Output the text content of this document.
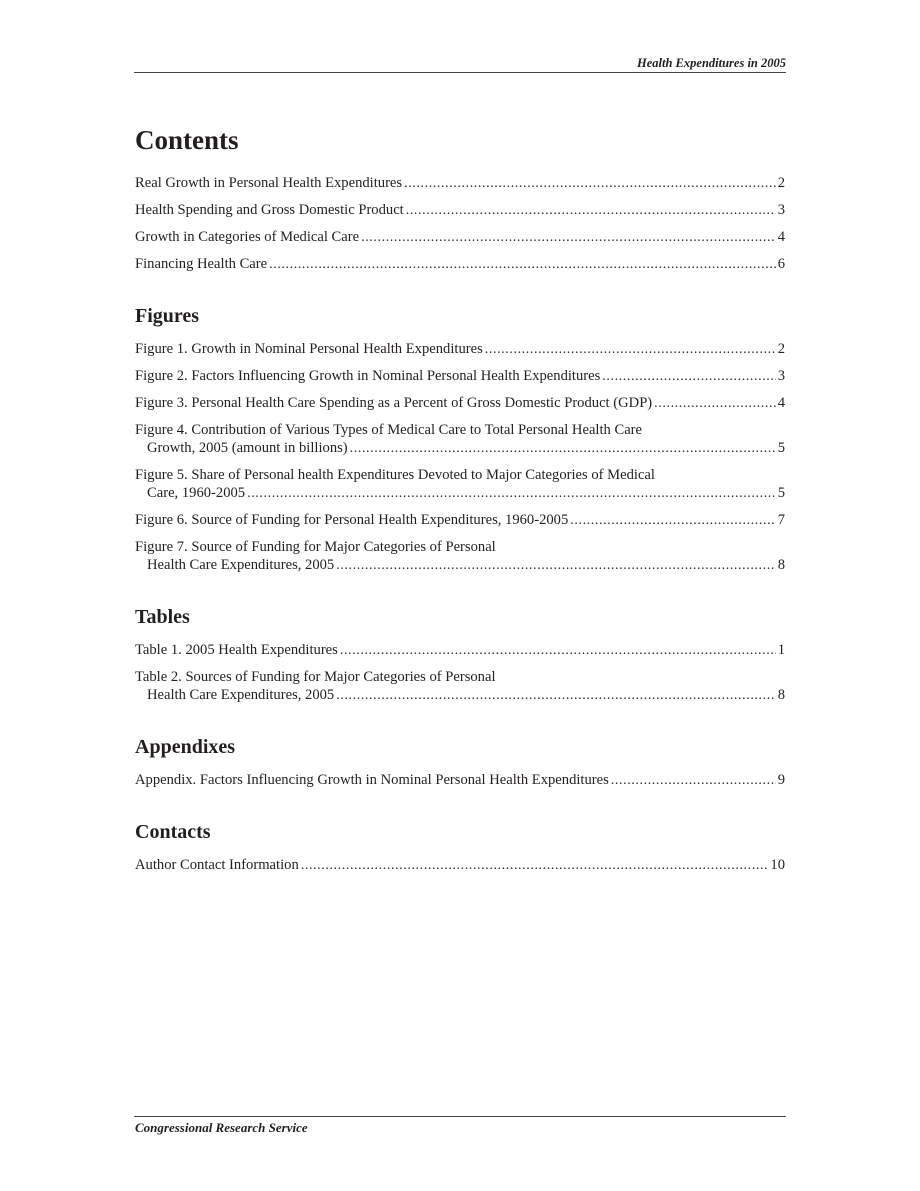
Health Expenditures in 2005
Contents
Real Growth in Personal Health Expenditures .....	2
Health Spending and Gross Domestic Product .....	3
Growth in Categories of Medical Care .....	4
Financing Health Care .....	6
Figures
Figure 1. Growth in Nominal Personal Health Expenditures .....	2
Figure 2. Factors Influencing Growth in Nominal Personal Health Expenditures .....	3
Figure 3. Personal Health Care Spending as a Percent of Gross Domestic Product (GDP) .....	4
Figure 4. Contribution of Various Types of Medical Care to Total Personal Health Care
Growth, 2005 (amount in billions) .....	5
Figure 5. Share of Personal health Expenditures Devoted to Major Categories of Medical
Care, 1960-2005 .....	5
Figure 6. Source of Funding for Personal Health Expenditures, 1960-2005 .....	7
Figure 7. Source of Funding for Major Categories of Personal
Health Care Expenditures, 2005 .....	8
Tables
Table 1. 2005 Health Expenditures .....	1
Table 2. Sources of Funding for Major Categories of Personal
Health Care Expenditures, 2005 .....	8
Appendixes
Appendix. Factors Influencing Growth in Nominal Personal Health Expenditures .....	9
Contacts
Author Contact Information .....	10
Congressional Research Service
